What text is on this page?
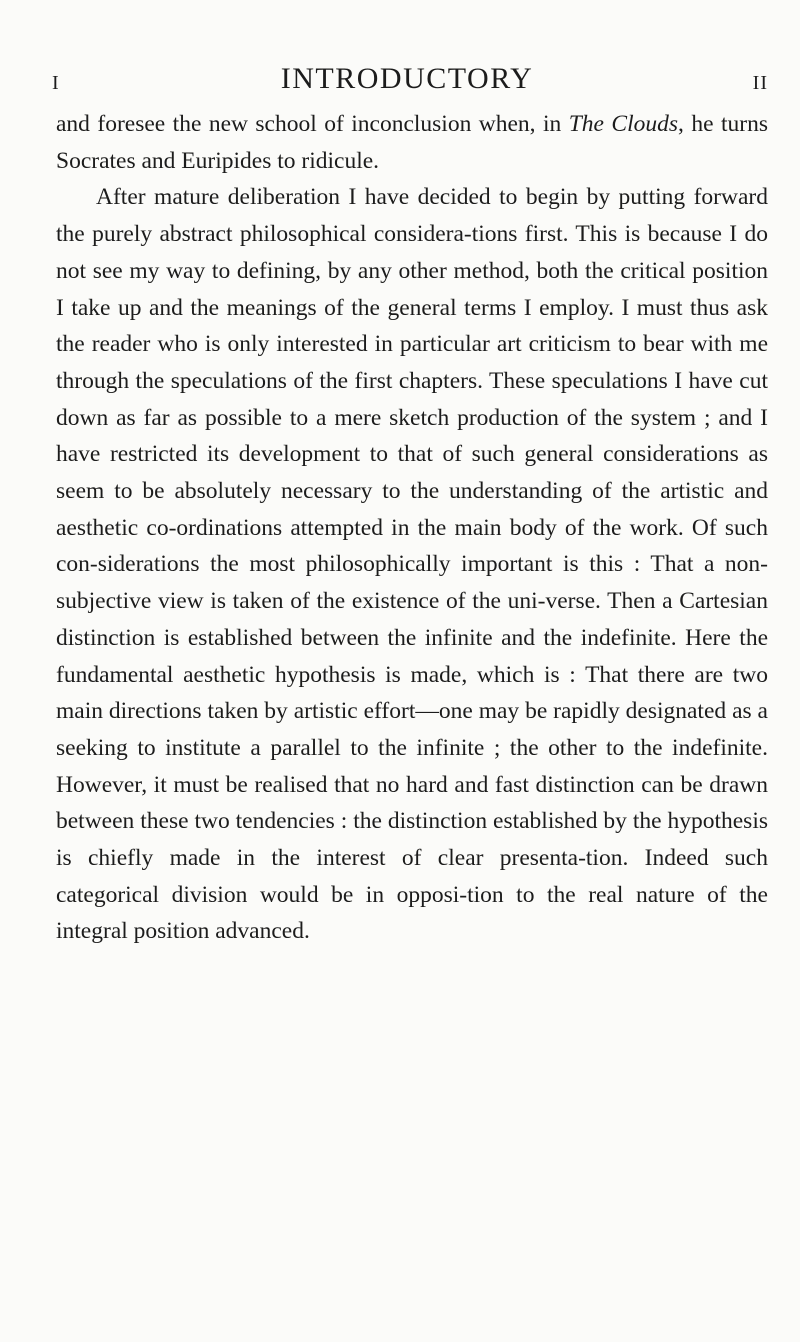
I	INTRODUCTORY	II

and foresee the new school of inconclusion when, in The Clouds, he turns Socrates and Euripides to ridicule.

After mature deliberation I have decided to begin by putting forward the purely abstract philosophical considera-tions first. This is because I do not see my way to defining, by any other method, both the critical position I take up and the meanings of the general terms I employ. I must thus ask the reader who is only interested in particular art criticism to bear with me through the speculations of the first chapters. These speculations I have cut down as far as possible to a mere sketch production of the system ; and I have restricted its development to that of such general considerations as seem to be absolutely necessary to the understanding of the artistic and aesthetic co-ordinations attempted in the main body of the work. Of such con-siderations the most philosophically important is this : That a non-subjective view is taken of the existence of the uni-verse. Then a Cartesian distinction is established between the infinite and the indefinite. Here the fundamental aesthetic hypothesis is made, which is : That there are two main directions taken by artistic effort—one may be rapidly designated as a seeking to institute a parallel to the infinite ; the other to the indefinite. However, it must be realised that no hard and fast distinction can be drawn between these two tendencies : the distinction established by the hypothesis is chiefly made in the interest of clear presenta-tion. Indeed such categorical division would be in opposi-tion to the real nature of the integral position advanced.
